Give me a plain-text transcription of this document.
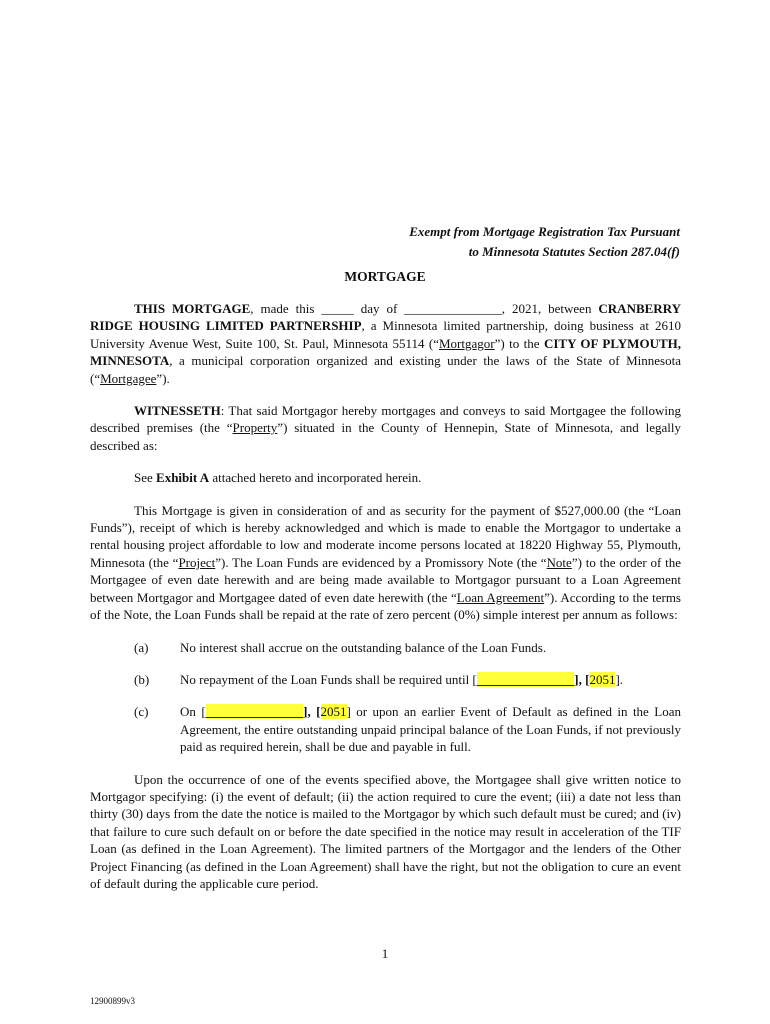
Exempt from Mortgage Registration Tax Pursuant
to Minnesota Statutes Section 287.04(f)
MORTGAGE

THIS MORTGAGE, made this _____ day of _______________, 2021, between CRANBERRY RIDGE HOUSING LIMITED PARTNERSHIP, a Minnesota limited partnership, doing business at 2610 University Avenue West, Suite 100, St. Paul, Minnesota 55114 (“Mortgagor”) to the CITY OF PLYMOUTH, MINNESOTA, a municipal corporation organized and existing under the laws of the State of Minnesota (“Mortgagee”).

WITNESSETH: That said Mortgagor hereby mortgages and conveys to said Mortgagee the following described premises (the “Property”) situated in the County of Hennepin, State of Minnesota, and legally described as:

See Exhibit A attached hereto and incorporated herein.

This Mortgage is given in consideration of and as security for the payment of $527,000.00 (the “Loan Funds”), receipt of which is hereby acknowledged and which is made to enable the Mortgagor to undertake a rental housing project affordable to low and moderate income persons located at 18220 Highway 55, Plymouth, Minnesota (the “Project”). The Loan Funds are evidenced by a Promissory Note (the “Note”) to the order of the Mortgagee of even date herewith and are being made available to Mortgagor pursuant to a Loan Agreement between Mortgagor and Mortgagee dated of even date herewith (the “Loan Agreement”). According to the terms of the Note, the Loan Funds shall be repaid at the rate of zero percent (0%) simple interest per annum as follows:

(a)	No interest shall accrue on the outstanding balance of the Loan Funds.
(b)	No repayment of the Loan Funds shall be required until [_______________], [2051].
(c)	On [_______________], [2051] or upon an earlier Event of Default as defined in the Loan Agreement, the entire outstanding unpaid principal balance of the Loan Funds, if not previously paid as required herein, shall be due and payable in full.

Upon the occurrence of one of the events specified above, the Mortgagee shall give written notice to Mortgagor specifying: (i) the event of default; (ii) the action required to cure the event; (iii) a date not less than thirty (30) days from the date the notice is mailed to the Mortgagor by which such default must be cured; and (iv) that failure to cure such default on or before the date specified in the notice may result in acceleration of the TIF Loan (as defined in the Loan Agreement). The limited partners of the Mortgagor and the lenders of the Other Project Financing (as defined in the Loan Agreement) shall have the right, but not the obligation to cure an event of default during the applicable cure period.

1
12900899v3
